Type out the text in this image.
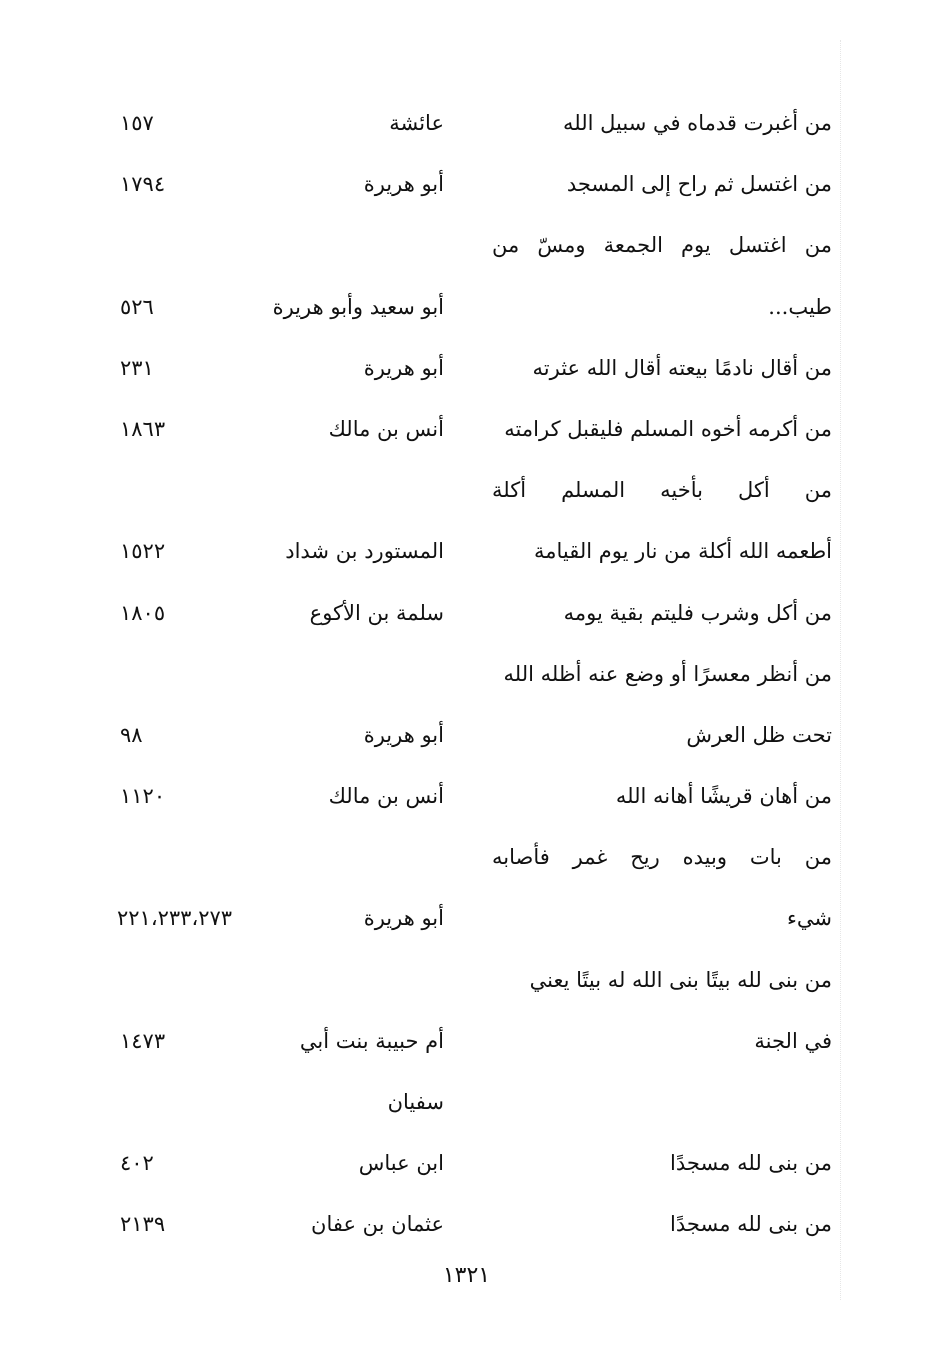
من أغبرت قدماه في سبيل الله
عائشة
١٥٧
من اغتسل ثم راح إلى المسجد
أبو هريرة
١٧٩٤
من اغتسل يوم الجمعة ومسّ من
طيب...
أبو سعيد وأبو هريرة
٥٢٦
من أقال نادمًا بيعته أقال الله عثرته
أبو هريرة
٢٣١
من أكرمه أخوه المسلم فليقبل كرامته
أنس بن مالك
١٨٦٣
من أكل بأخيه المسلم أكلة
أطعمه الله أكلة من نار يوم القيامة
المستورد بن شداد
١٥٢٢
من أكل وشرب فليتم بقية يومه
سلمة بن الأكوع
١٨٠٥
من أنظر معسرًا أو وضع عنه أظله الله
تحت ظل العرش
أبو هريرة
٩٨
من أهان قريشًا أهانه الله
أنس بن مالك
١١٢٠
من بات وبيده ريح غمر فأصابه
شيء
أبو هريرة
٢٢١،٢٣٣،٢٧٣
من بنى لله بيتًا بنى الله له بيتًا يعني
في الجنة
أم حبيبة بنت أبي
١٤٧٣
سفيان
من بنى لله مسجدًا
ابن عباس
٤٠٢
من بنى لله مسجدًا
عثمان بن عفان
٢١٣٩
١٣٢١
